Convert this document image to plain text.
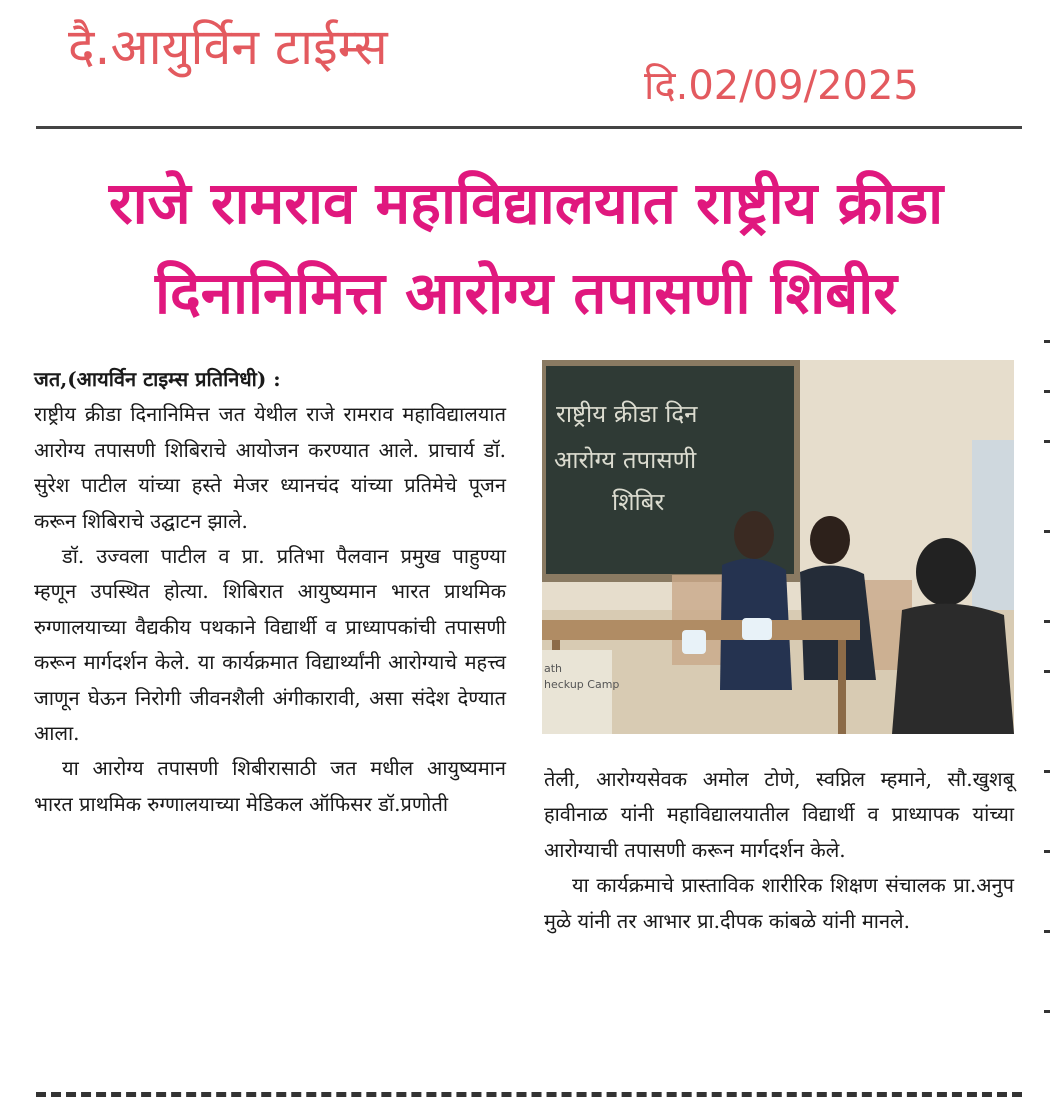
दै.आयुर्विन टाईम्स
दि.02/09/2025
राजे रामराव महाविद्यालयात राष्ट्रीय क्रीडा
दिनानिमित्त आरोग्य तपासणी शिबीर

जत,(आयर्विन टाइम्स प्रतिनिधी) :

राष्ट्रीय क्रीडा दिनानिमित्त जत येथील राजे रामराव महाविद्यालयात आरोग्य तपासणी शिबिराचे आयोजन करण्यात आले. प्राचार्य डॉ. सुरेश पाटील यांच्या हस्ते मेजर ध्यानचंद यांच्या प्रतिमेचे पूजन करून शिबिराचे उद्घाटन झाले.

डॉ. उज्वला पाटील व प्रा. प्रतिभा पैलवान प्रमुख पाहुण्या म्हणून उपस्थित होत्या. शिबिरात आयुष्यमान भारत प्राथमिक रुग्णालयाच्या वैद्यकीय पथकाने विद्यार्थी व प्राध्यापकांची तपासणी करून मार्गदर्शन केले. या कार्यक्रमात विद्यार्थ्यांनी आरोग्याचे महत्त्व जाणून घेऊन निरोगी जीवनशैली अंगीकारावी, असा संदेश देण्यात आला.

या आरोग्य तपासणी शिबीरासाठी जत मधील आयुष्यमान भारत प्राथमिक रुग्णालयाच्या मेडिकल ऑफिसर डॉ.प्रणोती

राष्ट्रीय क्रीडा दिन
आरोग्य तपासणी
शिबिर
ath
heckup Camp

तेली, आरोग्यसेवक अमोल टोणे, स्वप्निल म्हमाने, सौ.खुशबू हावीनाळ यांनी महाविद्यालयातील विद्यार्थी व प्राध्यापक यांच्या आरोग्याची तपासणी करून मार्गदर्शन केले.

या कार्यक्रमाचे प्रास्ताविक शारीरिक शिक्षण संचालक प्रा.अनुप मुळे यांनी तर आभार प्रा.दीपक कांबळे यांनी मानले.
